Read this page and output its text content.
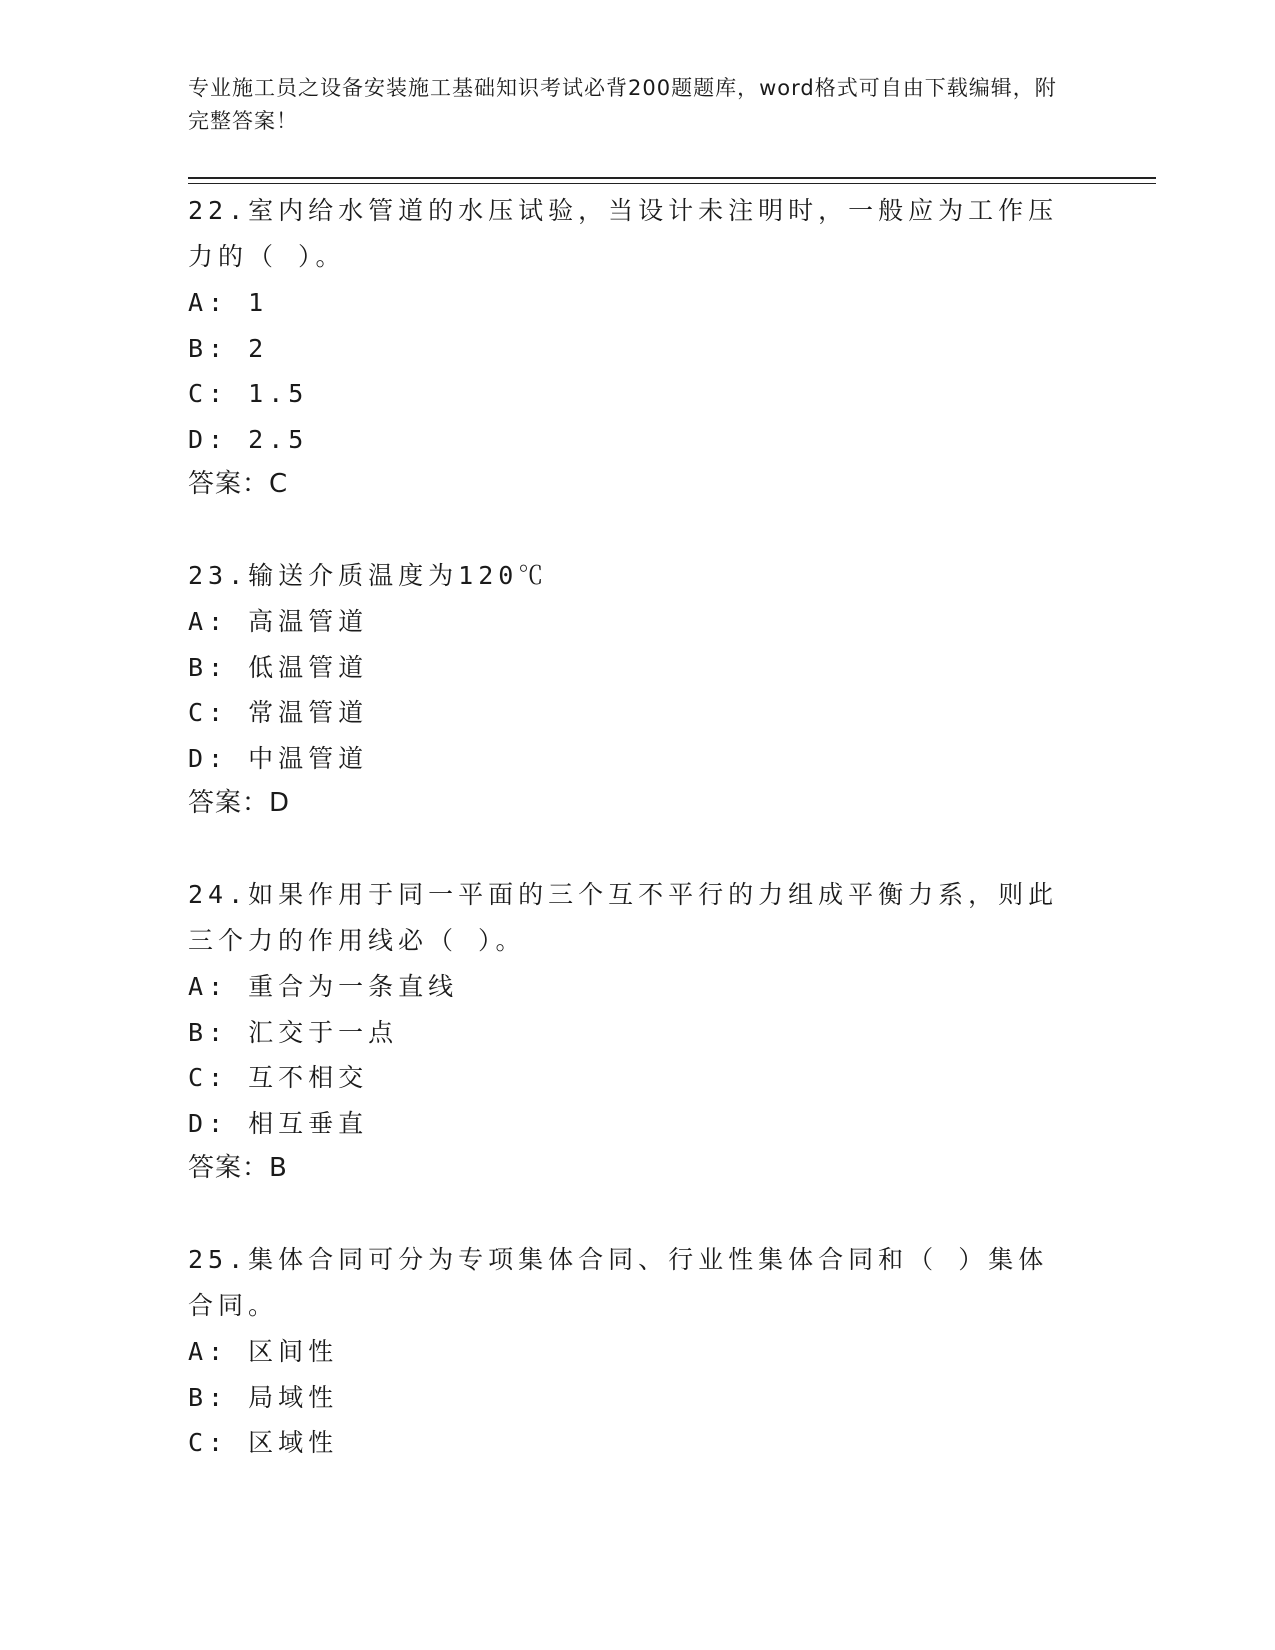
专业施工员之设备安装施工基础知识考试必背200题题库，word格式可自由下载编辑，附完整答案！
22.室内给水管道的水压试验，当设计未注明时，一般应为工作压力的（ ）。
A: 1
B: 2
C: 1.5
D: 2.5
答案：C
23.输送介质温度为120℃
A: 高温管道
B: 低温管道
C: 常温管道
D: 中温管道
答案：D
24.如果作用于同一平面的三个互不平行的力组成平衡力系，则此三个力的作用线必（ ）。
A: 重合为一条直线
B: 汇交于一点
C: 互不相交
D: 相互垂直
答案：B
25.集体合同可分为专项集体合同、行业性集体合同和（ ）集体合同。
A: 区间性
B: 局域性
C: 区域性
